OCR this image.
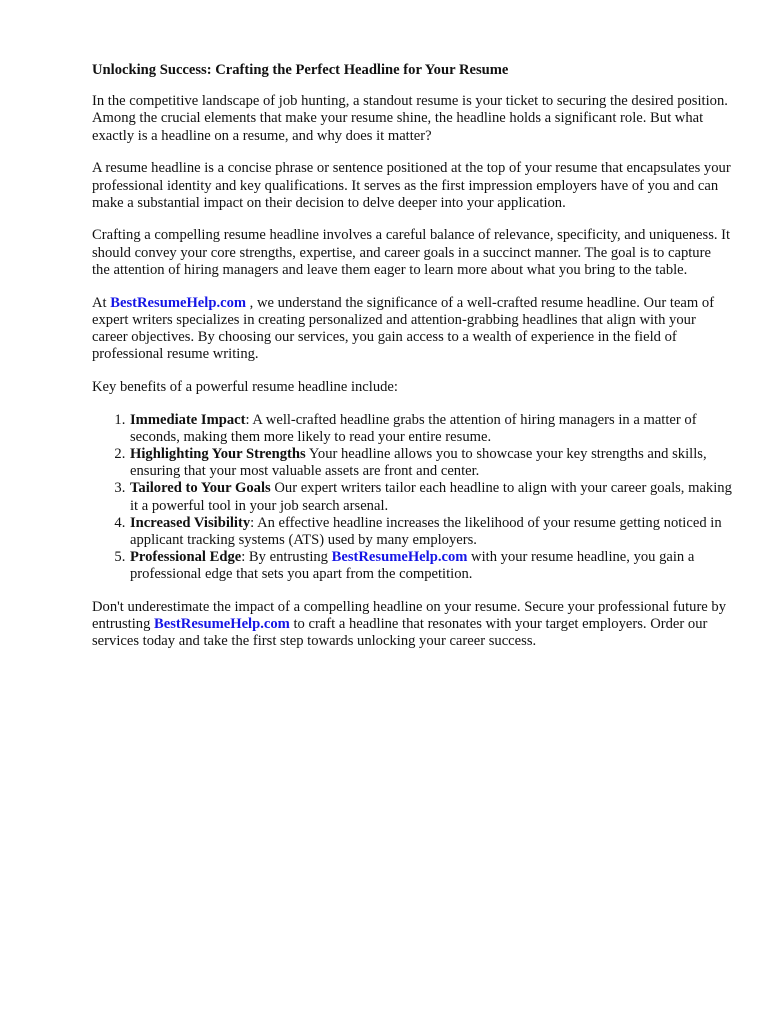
Unlocking Success: Crafting the Perfect Headline for Your Resume

In the competitive landscape of job hunting, a standout resume is your ticket to securing the desired position. Among the crucial elements that make your resume shine, the headline holds a significant role. But what exactly is a headline on a resume, and why does it matter?

A resume headline is a concise phrase or sentence positioned at the top of your resume that encapsulates your professional identity and key qualifications. It serves as the first impression employers have of you and can make a substantial impact on their decision to delve deeper into your application.

Crafting a compelling resume headline involves a careful balance of relevance, specificity, and uniqueness. It should convey your core strengths, expertise, and career goals in a succinct manner. The goal is to capture the attention of hiring managers and leave them eager to learn more about what you bring to the table.

At BestResumeHelp.com , we understand the significance of a well-crafted resume headline. Our team of expert writers specializes in creating personalized and attention-grabbing headlines that align with your career objectives. By choosing our services, you gain access to a wealth of experience in the field of professional resume writing.

Key benefits of a powerful resume headline include:

1. Immediate Impact: A well-crafted headline grabs the attention of hiring managers in a matter of seconds, making them more likely to read your entire resume.
2. Highlighting Your Strengths Your headline allows you to showcase your key strengths and skills, ensuring that your most valuable assets are front and center.
3. Tailored to Your Goals Our expert writers tailor each headline to align with your career goals, making it a powerful tool in your job search arsenal.
4. Increased Visibility: An effective headline increases the likelihood of your resume getting noticed in applicant tracking systems (ATS) used by many employers.
5. Professional Edge: By entrusting BestResumeHelp.com with your resume headline, you gain a professional edge that sets you apart from the competition.

Don't underestimate the impact of a compelling headline on your resume. Secure your professional future by entrusting BestResumeHelp.com to craft a headline that resonates with your target employers. Order our services today and take the first step towards unlocking your career success.
